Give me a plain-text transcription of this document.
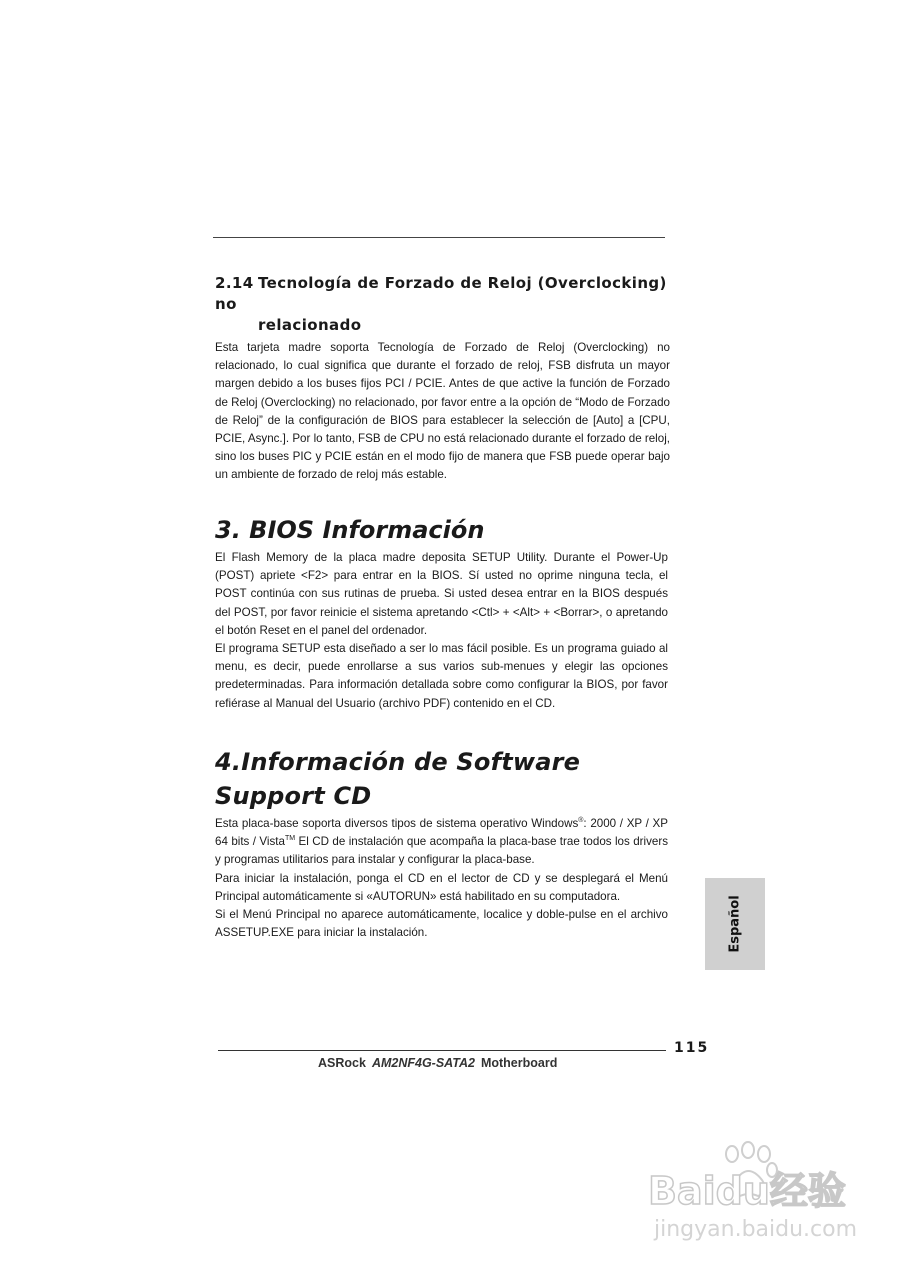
2.14 Tecnología de Forzado de Reloj (Overclocking) no
relacionado

Esta tarjeta madre soporta Tecnología de Forzado de Reloj (Overclocking) no relacionado, lo cual significa que durante el forzado de reloj, FSB disfruta un mayor margen debido a los buses fijos PCI / PCIE. Antes de que active la función de Forzado de Reloj (Overclocking) no relacionado, por favor entre a la opción de “Modo de Forzado de Reloj” de la configuración de BIOS para establecer la selección de [Auto] a [CPU, PCIE, Async.]. Por lo tanto, FSB de CPU no está relacionado durante el forzado de reloj, sino los buses PIC y PCIE están en el modo fijo de manera que FSB puede operar bajo un ambiente de forzado de reloj más estable.

3. BIOS Información

El Flash Memory de la placa madre deposita SETUP Utility. Durante el Power-Up (POST) apriete <F2> para entrar en la BIOS. Sí usted no oprime ninguna tecla, el POST continúa con sus rutinas de prueba. Si usted desea entrar en la BIOS después del POST, por favor reinicie el sistema apretando <Ctl> + <Alt> + <Borrar>, o apretando el botón Reset en el panel del ordenador.

El programa SETUP esta diseñado a ser lo mas fácil posible. Es un programa guiado al menu, es decir, puede enrollarse a sus varios sub-menues y elegir las opciones predeterminadas. Para información detallada sobre como configurar la BIOS, por favor refiérase al Manual del Usuario (archivo PDF) contenido en el CD.

4.Información de Software Support CD

Esta placa-base soporta diversos tipos de sistema operativo Windows®: 2000 / XP / XP 64 bits / Vista™ El CD de instalación que acompaña la placa-base trae todos los drivers y programas utilitarios para instalar y configurar la placa-base.

Para iniciar la instalación, ponga el CD en el lector de CD y se desplegará el Menú Principal automáticamente si «AUTORUN» está habilitado en su computadora.

Si el Menú Principal no aparece automáticamente, localice y doble-pulse en el archivo ASSETUP.EXE para iniciar la instalación.	Español
115
ASRock AM2NF4G-SATA2 Motherboard
Baidu经验
jingyan.baidu.com
